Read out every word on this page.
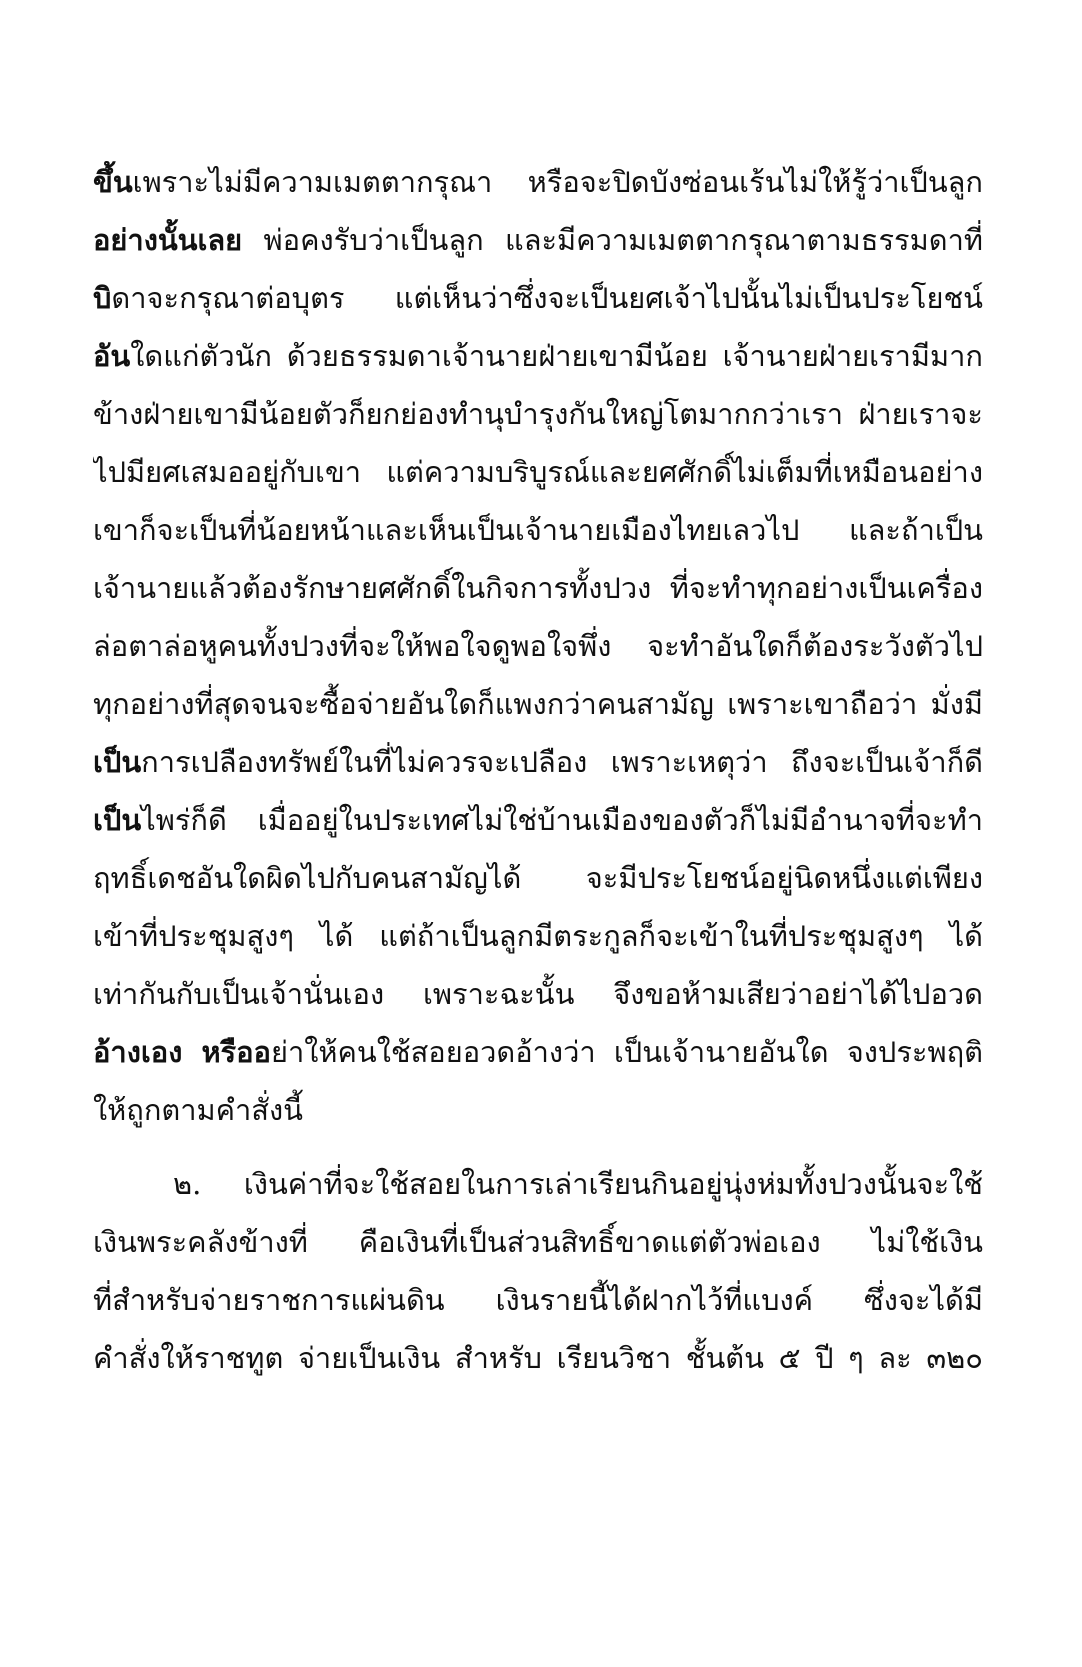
ขึ้นเพราะไม่มีความเมตตากรุณา หรือจะปิดบังซ่อนเร้นไม่ให้รู้ว่าเป็นลูก
อย่างนั้นเลย พ่อคงรับว่าเป็นลูก และมีความเมตตากรุณาตามธรรมดาที่
บิดาจะกรุณาต่อบุตร แต่เห็นว่าซึ่งจะเป็นยศเจ้าไปนั้นไม่เป็นประโยชน์
อันใดแก่ตัวนัก ด้วยธรรมดาเจ้านายฝ่ายเขามีน้อย เจ้านายฝ่ายเรามีมาก
ข้างฝ่ายเขามีน้อยตัวก็ยกย่องทำนุบำรุงกันใหญ่โตมากกว่าเรา ฝ่ายเราจะ
ไปมียศเสมออยู่กับเขา แต่ความบริบูรณ์และยศศักดิ์ไม่เต็มที่เหมือนอย่าง
เขาก็จะเป็นที่น้อยหน้าและเห็นเป็นเจ้านายเมืองไทยเลวไป และถ้าเป็น
เจ้านายแล้วต้องรักษายศศักดิ์ในกิจการทั้งปวง ที่จะทำทุกอย่างเป็นเครื่อง
ล่อตาล่อหูคนทั้งปวงที่จะให้พอใจดูพอใจพึ่ง จะทำอันใดก็ต้องระวังตัวไป
ทุกอย่างที่สุดจนจะซื้อจ่ายอันใดก็แพงกว่าคนสามัญ เพราะเขาถือว่า มั่งมี
เป็นการเปลืองทรัพย์ในที่ไม่ควรจะเปลือง เพราะเหตุว่า ถึงจะเป็นเจ้าก็ดี
เป็นไพร่ก็ดี เมื่ออยู่ในประเทศไม่ใช่บ้านเมืองของตัวก็ไม่มีอำนาจที่จะทำ
ฤทธิ์เดชอันใดผิดไปกับคนสามัญได้ จะมีประโยชน์อยู่นิดหนึ่งแต่เพียง
เข้าที่ประชุมสูงๆ ได้ แต่ถ้าเป็นลูกมีตระกูลก็จะเข้าในที่ประชุมสูงๆ ได้
เท่ากันกับเป็นเจ้านั่นเอง เพราะฉะนั้น จึงขอห้ามเสียว่าอย่าได้ไปอวด
อ้างเอง หรืออย่าให้คนใช้สอยอวดอ้างว่า เป็นเจ้านายอันใด จงประพฤติ
ให้ถูกตามคำสั่งนี้
๒. เงินค่าที่จะใช้สอยในการเล่าเรียนกินอยู่นุ่งห่มทั้งปวงนั้นจะใช้
เงินพระคลังข้างที่ คือเงินที่เป็นส่วนสิทธิ์ขาดแต่ตัวพ่อเอง ไม่ใช้เงิน
ที่สำหรับจ่ายราชการแผ่นดิน เงินรายนี้ได้ฝากไว้ที่แบงค์ ซึ่งจะได้มี
คำสั่งให้ราชทูต จ่ายเป็นเงิน สำหรับ เรียนวิชา ชั้นต้น ๕ ปี ๆ ละ ๓๒๐
